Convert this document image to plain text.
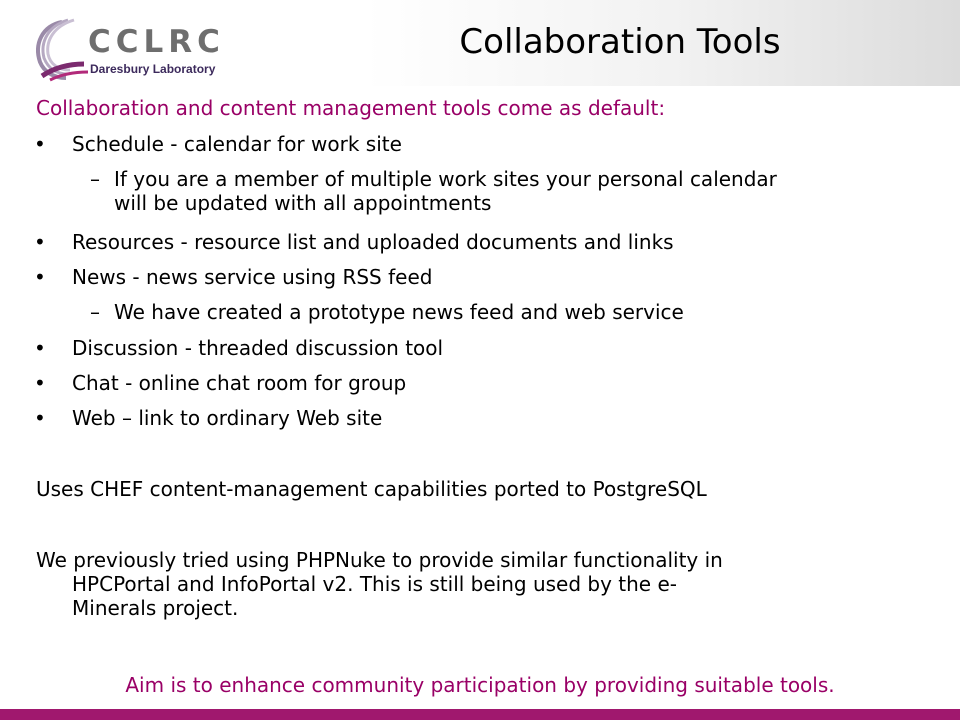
CCLRC
Daresbury Laboratory
Collaboration Tools
Collaboration and content management tools come as default:
• Schedule - calendar for work site
– If you are a member of multiple work sites your personal calendar
will be updated with all appointments
• Resources - resource list and uploaded documents and links
• News - news service using RSS feed
– We have created a prototype news feed and web service
• Discussion - threaded discussion tool
• Chat - online chat room for group
• Web – link to ordinary Web site
Uses CHEF content-management capabilities ported to PostgreSQL
We previously tried using PHPNuke to provide similar functionality in
HPCPortal and InfoPortal v2. This is still being used by the e-
Minerals project.
Aim is to enhance community participation by providing suitable tools.
